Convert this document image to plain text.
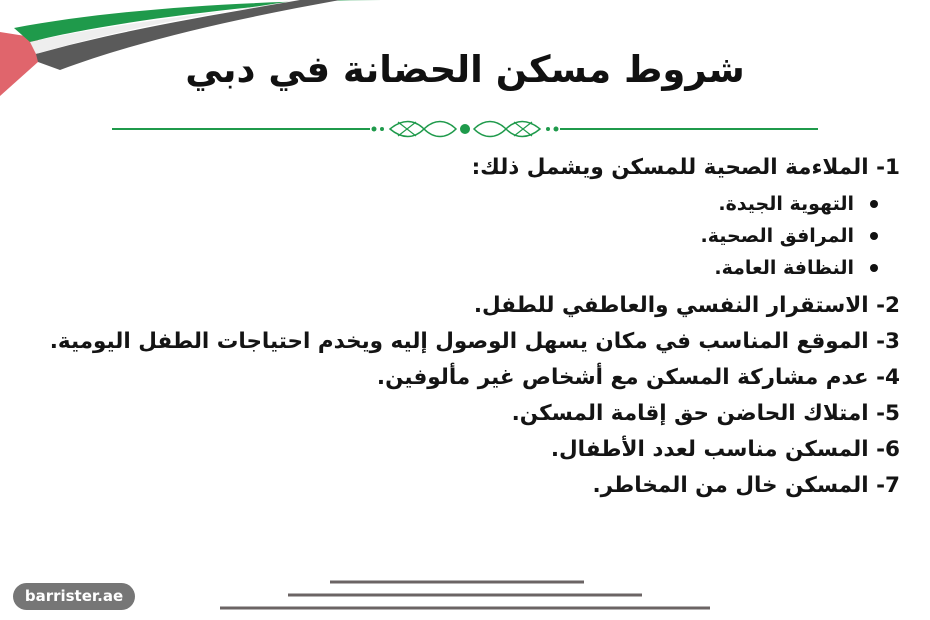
شروط مسكن الحضانة في دبي

1- الملاءمة الصحية للمسكن ويشمل ذلك:

التهوية الجيدة.
المرافق الصحية.
النظافة العامة.

2- الاستقرار النفسي والعاطفي للطفل.

3- الموقع المناسب في مكان يسهل الوصول إليه ويخدم احتياجات الطفل اليومية.

4- عدم مشاركة المسكن مع أشخاص غير مألوفين.

5- امتلاك الحاضن حق إقامة المسكن.

6- المسكن مناسب لعدد الأطفال.

7- المسكن خال من المخاطر.

barrister.ae
